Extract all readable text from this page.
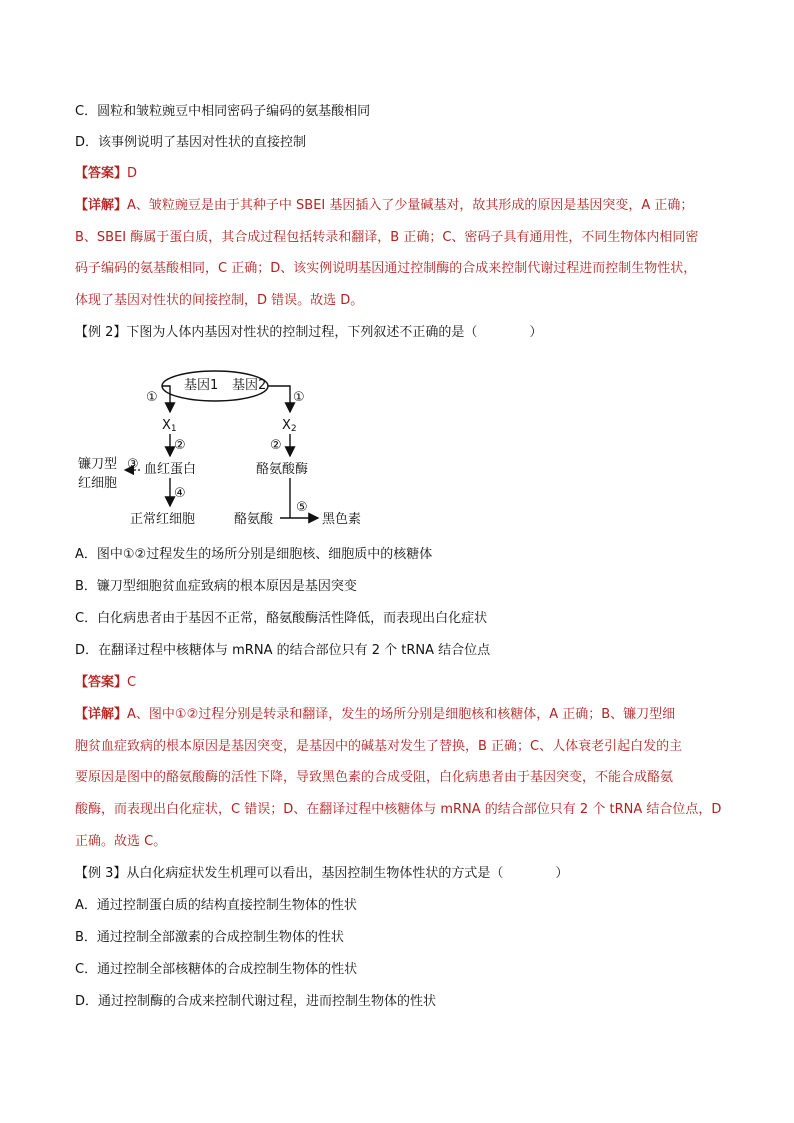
C．圆粒和皱粒豌豆中相同密码子编码的氨基酸相同
D．该事例说明了基因对性状的直接控制
【答案】D
【详解】A、皱粒豌豆是由于其种子中 SBEI 基因插入了少量碱基对，故其形成的原因是基因突变，A 正确；
B、SBEI 酶属于蛋白质，其合成过程包括转录和翻译，B 正确；C、密码子具有通用性，不同生物体内相同密
码子编码的氨基酸相同，C 正确；D、该实例说明基因通过控制酶的合成来控制代谢过程进而控制生物性状，
体现了基因对性状的间接控制，D 错误。故选 D。
【例 2】下图为人体内基因对性状的控制过程，下列叙述不正确的是（　　　　）
基因1 基因2
①	①
X1	X2
②	②
镰刀型
红细胞
③ 血红蛋白	酪氨酸酶
④
正常红细胞	酪氨酸
⑤
黑色素
A．图中①②过程发生的场所分别是细胞核、细胞质中的核糖体
B．镰刀型细胞贫血症致病的根本原因是基因突变
C．白化病患者由于基因不正常，酪氨酸酶活性降低，而表现出白化症状
D．在翻译过程中核糖体与 mRNA 的结合部位只有 2 个 tRNA 结合位点
【答案】C
【详解】A、图中①②过程分别是转录和翻译，发生的场所分别是细胞核和核糖体，A 正确；B、镰刀型细
胞贫血症致病的根本原因是基因突变，是基因中的碱基对发生了替换，B 正确；C、人体衰老引起白发的主
要原因是图中的酪氨酸酶的活性下降，导致黑色素的合成受阻，白化病患者由于基因突变，不能合成酪氨
酸酶，而表现出白化症状，C 错误；D、在翻译过程中核糖体与 mRNA 的结合部位只有 2 个 tRNA 结合位点，D
正确。故选 C。
【例 3】从白化病症状发生机理可以看出，基因控制生物体性状的方式是（　　　　）
A．通过控制蛋白质的结构直接控制生物体的性状
B．通过控制全部激素的合成控制生物体的性状
C．通过控制全部核糖体的合成控制生物体的性状
D．通过控制酶的合成来控制代谢过程，进而控制生物体的性状
